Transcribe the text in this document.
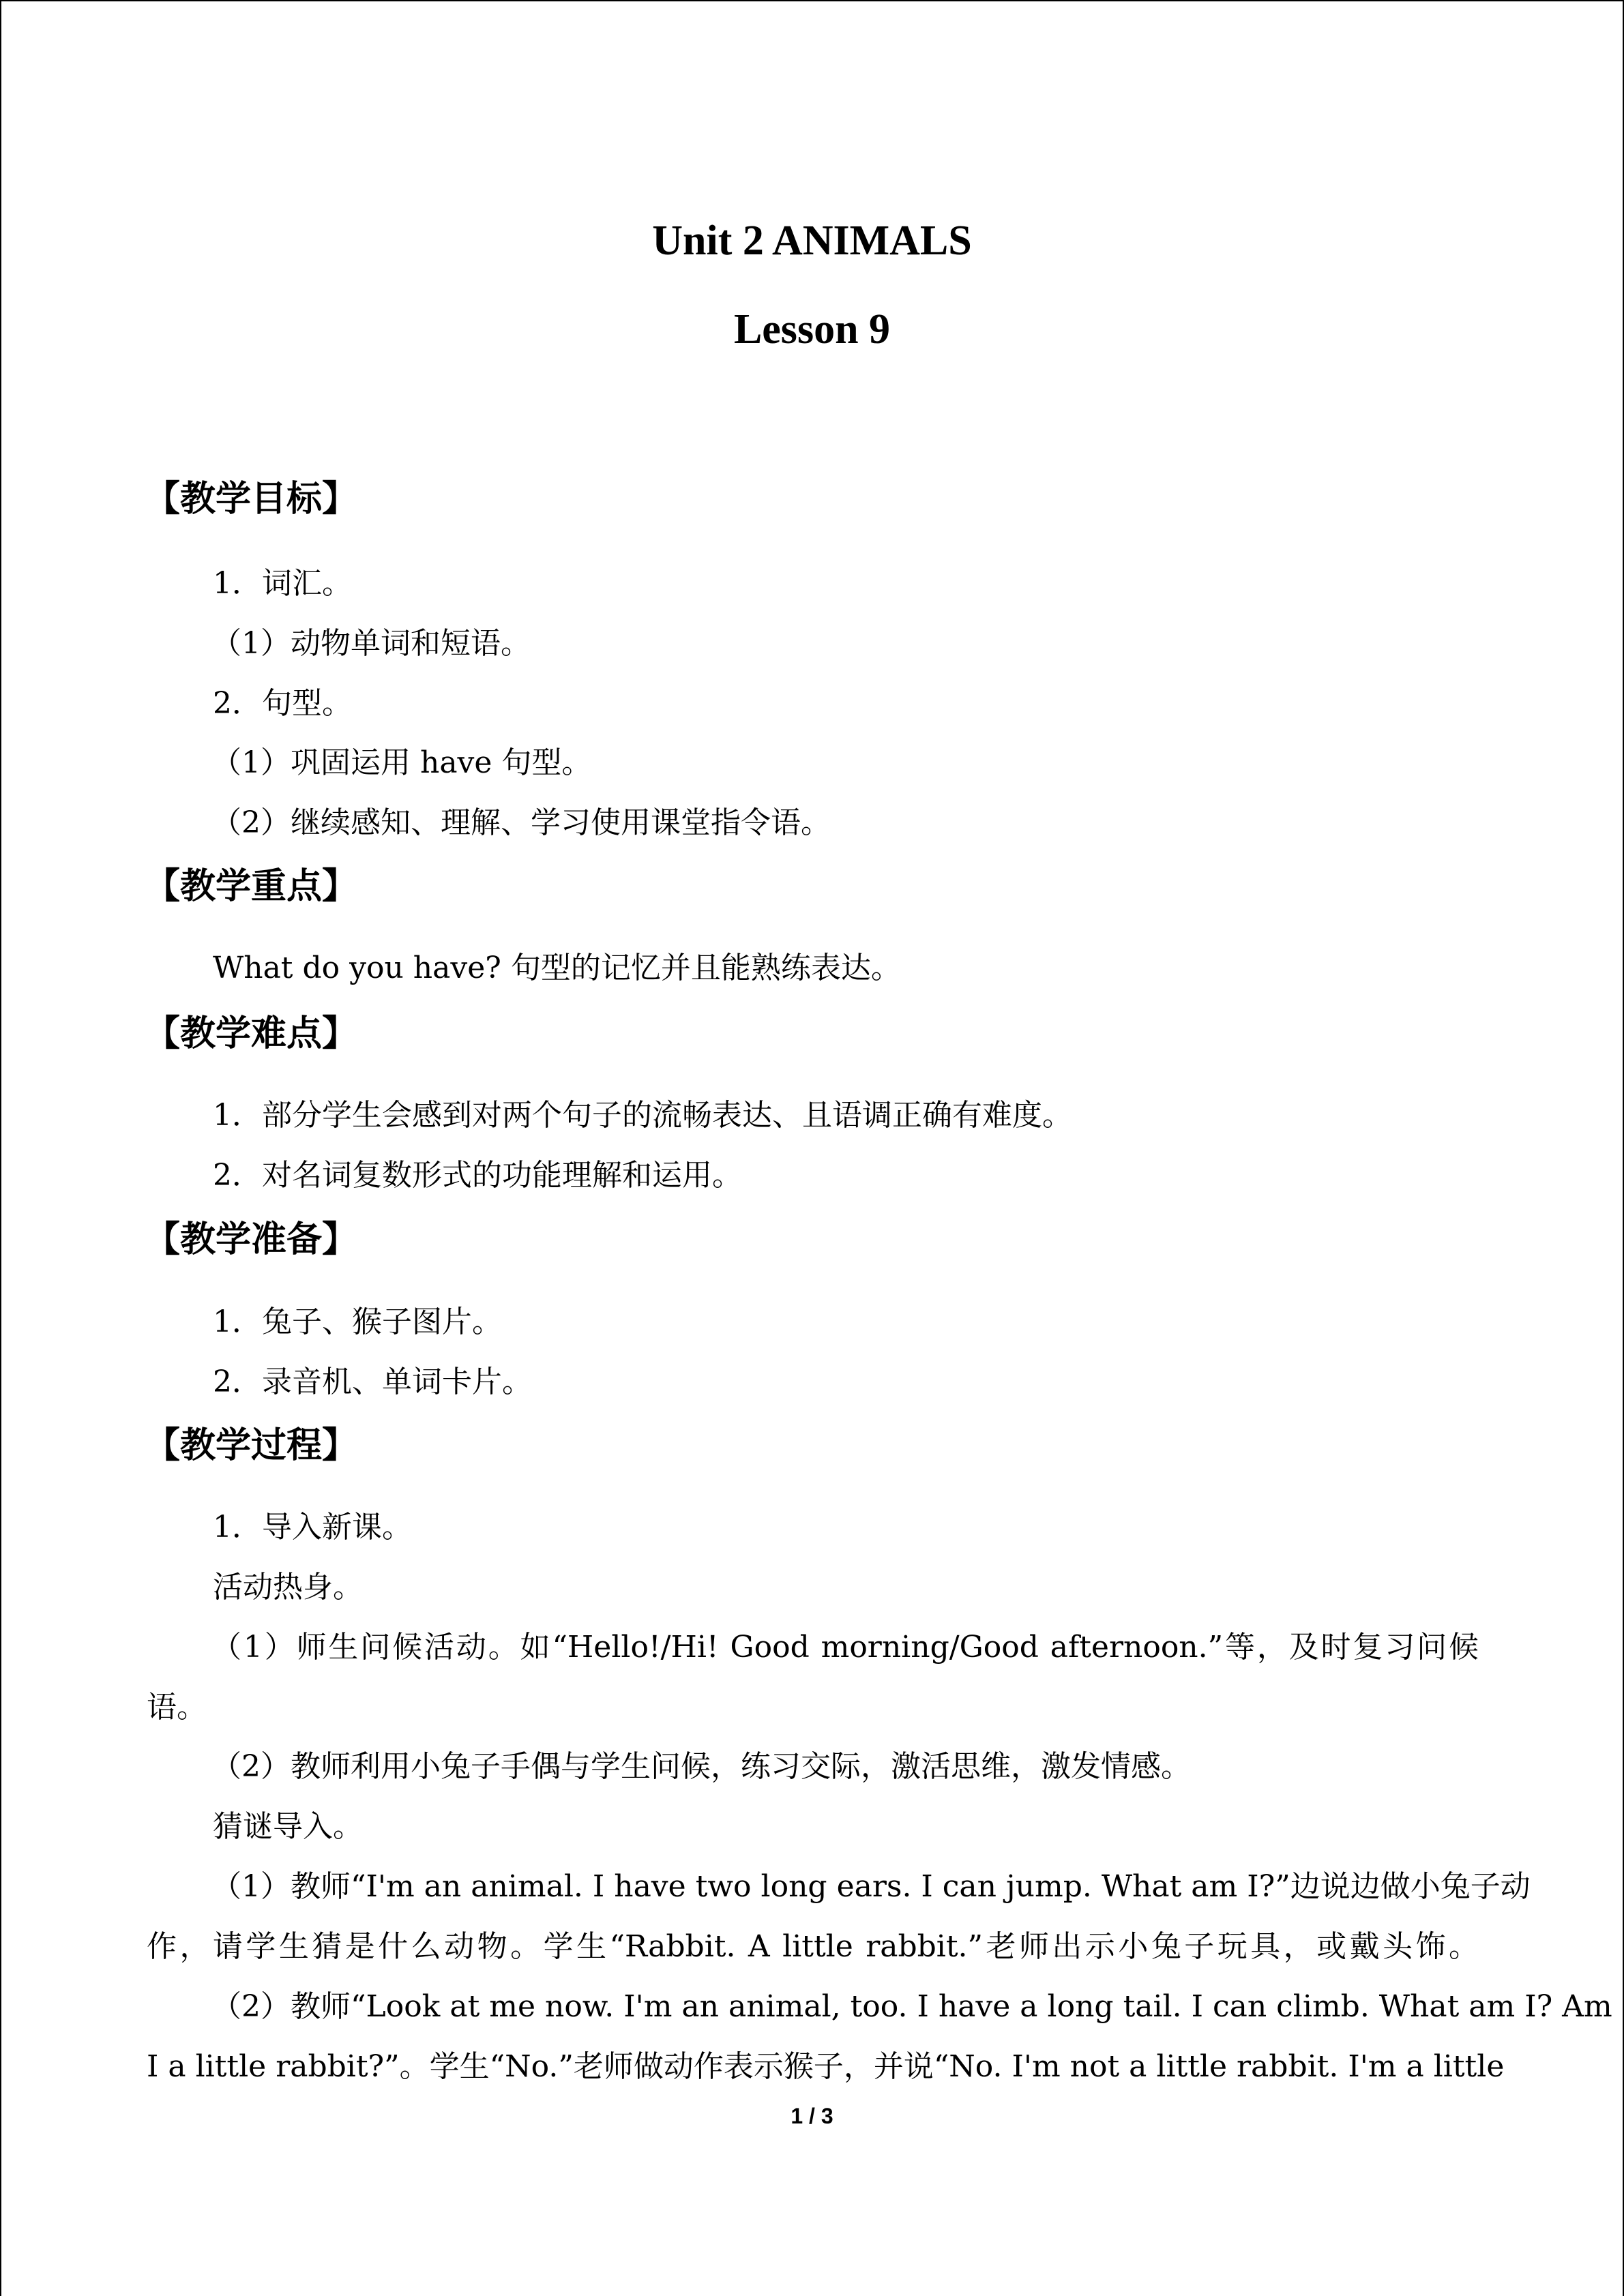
Unit 2 ANIMALS
Lesson 9
【教学目标】
1．词汇。
（1）动物单词和短语。
2．句型。
（1）巩固运用 have 句型。
（2）继续感知、理解、学习使用课堂指令语。
【教学重点】
What do you have? 句型的记忆并且能熟练表达。
【教学难点】
1．部分学生会感到对两个句子的流畅表达、且语调正确有难度。
2．对名词复数形式的功能理解和运用。
【教学准备】
1．兔子、猴子图片。
2．录音机、单词卡片。
【教学过程】
1．导入新课。
活动热身。
（1）师生问候活动。如“Hello!/Hi! Good morning/Good afternoon.”等，及时复习问候
语。
（2）教师利用小兔子手偶与学生问候，练习交际，激活思维，激发情感。
猜谜导入。
（1）教师“I'm an animal. I have two long ears. I can jump. What am I?”边说边做小兔子动
作，请学生猜是什么动物。学生“Rabbit. A little rabbit.”老师出示小兔子玩具，或戴头饰。
（2）教师“Look at me now. I'm an animal, too. I have a long tail. I can climb. What am I? Am
I a little rabbit?”。学生“No.”老师做动作表示猴子，并说“No. I'm not a little rabbit. I'm a little
1 / 3
